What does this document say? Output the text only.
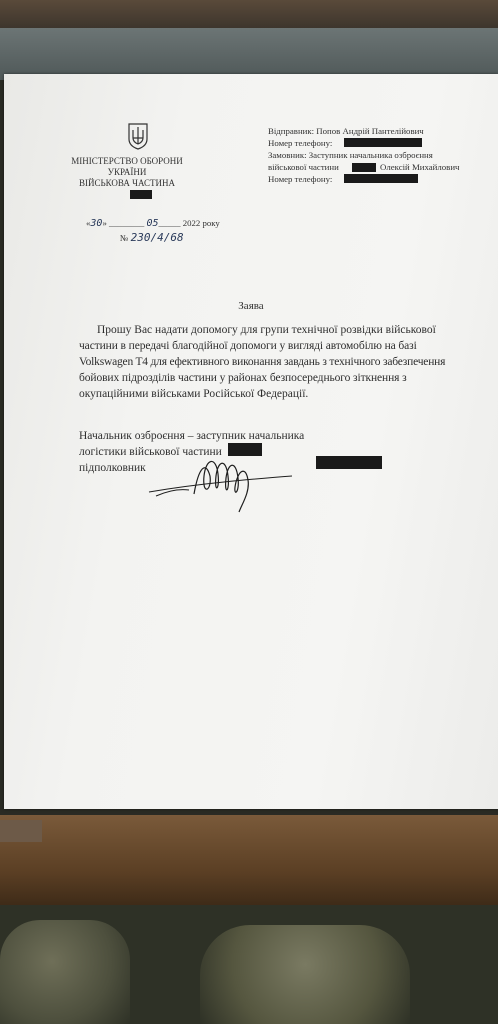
МІНІСТЕРСТВО ОБОРОНИ
УКРАЇНИ
ВІЙСЬКОВА ЧАСТИНА
«30» ________ 05_____ 2022 року
№ 230/4/68
Відправник: Попов Андрій Пантелійович
Номер телефону:
Замовник: Заступник начальника озброєння
військової частини	Олексій Михайлович
Номер телефону:
Заява
Прошу Вас надати допомогу для групи технічної розвідки військової
частини в передачі благодійної допомоги у вигляді автомобілю на базі
Volkswagen T4 для ефективного виконання завдань з технічного забезпечення
бойових підрозділів частини у районах безпосереднього зіткнення з
окупаційними військами Російської Федерації.
Начальник озброєння – заступник начальника
логістики військової частини
підполковник
